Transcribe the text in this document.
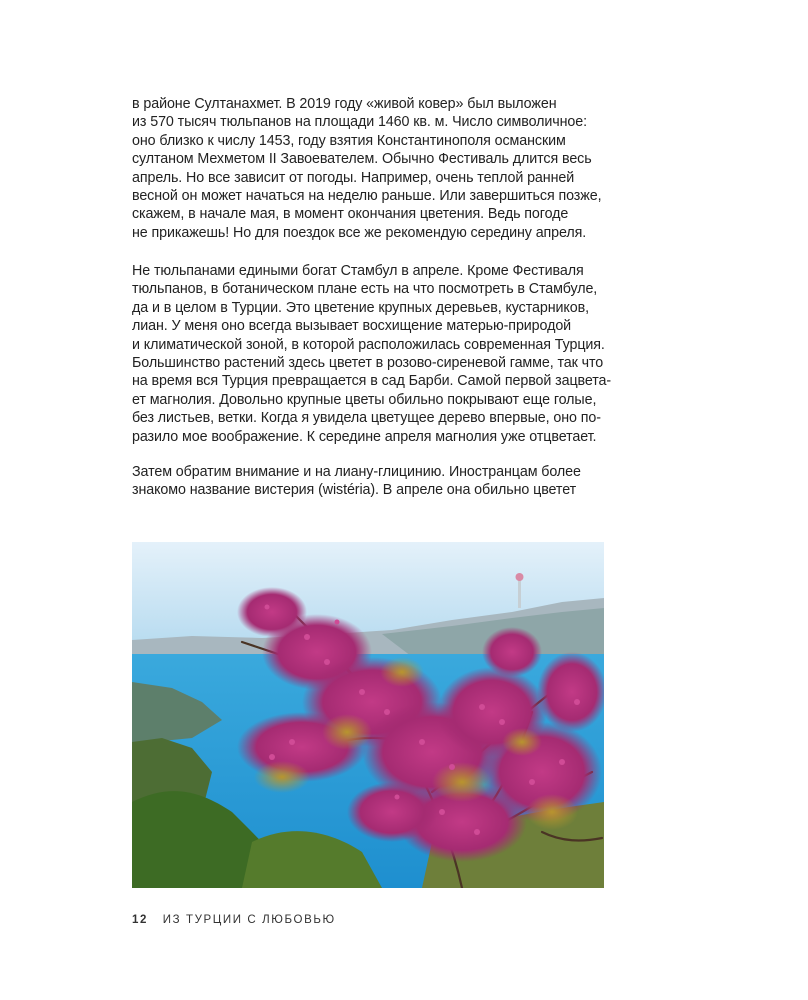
в районе Султанахмет. В 2019 году «живой ковер» был выложен
из 570 тысяч тюльпанов на площади 1460 кв. м. Число символичное:
оно близко к числу 1453, году взятия Константинополя османским
султаном Мехметом II Завоевателем. Обычно Фестиваль длится весь
апрель. Но все зависит от погоды. Например, очень теплой ранней
весной он может начаться на неделю раньше. Или завершиться позже,
скажем, в начале мая, в момент окончания цветения. Ведь погоде
не прикажешь! Но для поездок все же рекомендую середину апреля.
Не тюльпанами едиными богат Стамбул в апреле. Кроме Фестиваля
тюльпанов, в ботаническом плане есть на что посмотреть в Стамбуле,
да и в целом в Турции. Это цветение крупных деревьев, кустарников,
лиан. У меня оно всегда вызывает восхищение матерью-природой
и климатической зоной, в которой расположилась современная Турция.
Большинство растений здесь цветет в розово-сиреневой гамме, так что
на время вся Турция превращается в сад Барби. Самой первой зацвета-
ет магнолия. Довольно крупные цветы обильно покрывают еще голые,
без листьев, ветки. Когда я увидела цветущее дерево впервые, оно по-
разило мое воображение. К середине апреля магнолия уже отцветает.
Затем обратим внимание и на лиану-глицинию. Иностранцам более
знакомо название вистерия (wistéria). В апреле она обильно цветет
12 ИЗ ТУРЦИИ С ЛЮБОВЬЮ
